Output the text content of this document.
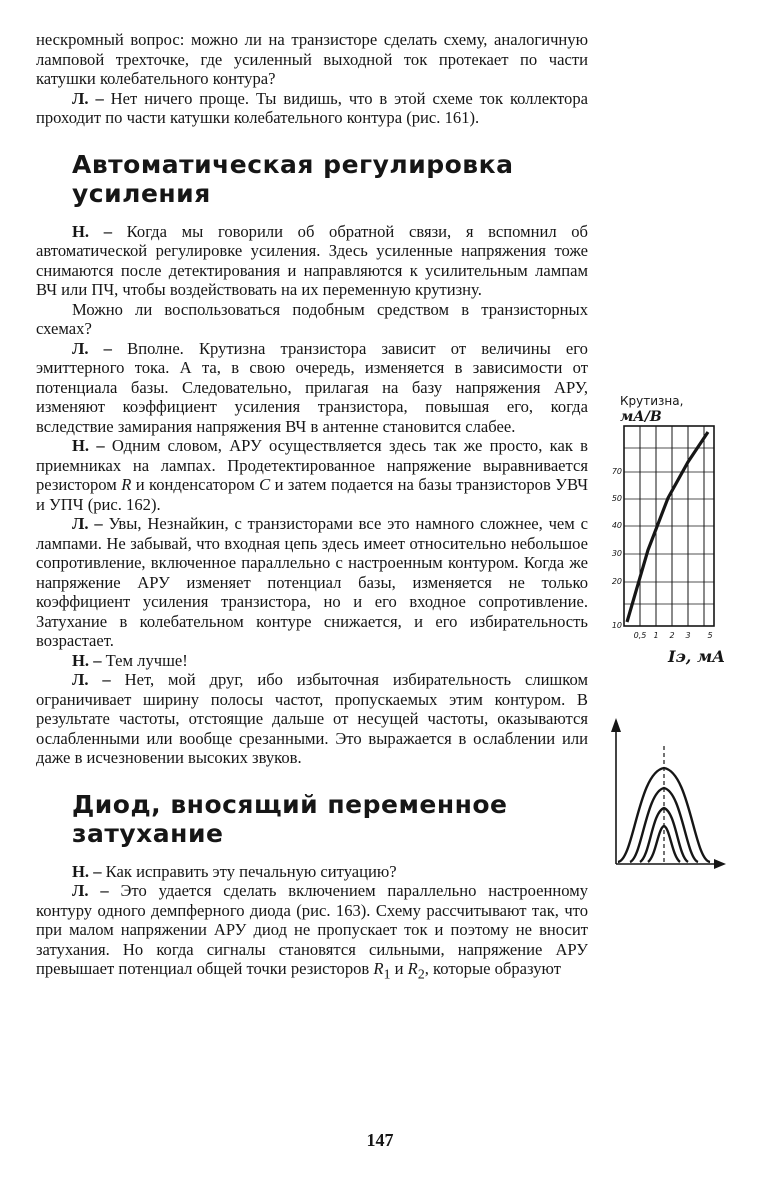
нескромный вопрос: можно ли на транзисторе сделать схему, аналогичную ламповой трехточке, где усиленный выходной ток протекает по части катушки колебательного контура?

Л. – Нет ничего проще. Ты видишь, что в этой схеме ток коллектора проходит по части катушки колебательного контура (рис. 161).

Автоматическая регулировка усиления

Н. – Когда мы говорили об обратной связи, я вспомнил об автоматической регулировке усиления. Здесь усиленные напряжения тоже снимаются после детектирования и направляются к усилительным лампам ВЧ или ПЧ, чтобы воздействовать на их переменную крутизну.

Можно ли воспользоваться подобным средством в транзисторных схемах?

Л. – Вполне. Крутизна транзистора зависит от величины его эмиттерного тока. А та, в свою очередь, изменяется в зависимости от потенциала базы. Следовательно, прилагая на базу напряжения АРУ, изменяют коэффициент усиления транзистора, повышая его, когда вследствие замирания напряжения ВЧ в антенне становится слабее.

Н. – Одним словом, АРУ осуществляется здесь так же просто, как в приемниках на лампах. Продетектированное напряжение выравнивается резистором R и конденсатором C и затем подается на базы транзисторов УВЧ и УПЧ (рис. 162).

Л. – Увы, Незнайкин, с транзисторами все это намного сложнее, чем с лампами. Не забывай, что входная цепь здесь имеет относительно небольшое сопротивление, включенное параллельно с настроенным контуром. Когда же напряжение АРУ изменяет потенциал базы, изменяется не только коэффициент усиления транзистора, но и его входное сопротивление. Затухание в колебательном контуре снижается, и его избирательность возрастает.

Н. – Тем лучше!

Л. – Нет, мой друг, ибо избыточная избирательность слишком ограничивает ширину полосы частот, пропускаемых этим контуром. В результате частоты, отстоящие дальше от несущей частоты, оказываются ослабленными или вообще срезанными. Это выражается в ослаблении или даже в исчезновении высоких звуков.

Диод, вносящий переменное затухание

Н. – Как исправить эту печальную ситуацию?

Л. – Это удается сделать включением параллельно настроенному контуру одного демпферного диода (рис. 163). Схему рассчитывают так, что при малом напряжении АРУ диод не пропускает ток и поэтому не вносит затухания. Но когда сигналы становятся сильными, напряжение АРУ превышает потенциал общей точки резисторов $R_1$ и $R_2$, которые образуют

Крутизна,
мА/В
70
50
40
30
20
10
0,5 1 2 3 5
Iэ, мА
147
